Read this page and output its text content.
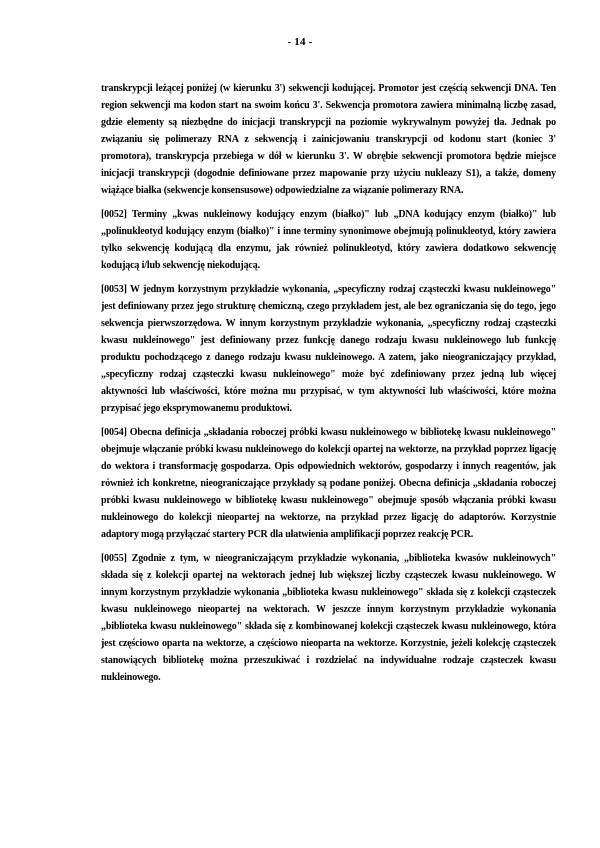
- 14 -

transkrypcji leżącej poniżej (w kierunku 3') sekwencji kodującej. Promotor jest częścią sekwencji DNA. Ten region sekwencji ma kodon start na swoim końcu 3'. Sekwencja promotora zawiera minimalną liczbę zasad, gdzie elementy są niezbędne do inicjacji transkrypcji na poziomie wykrywalnym powyżej tła. Jednak po związaniu się polimerazy RNA z sekwencją i zainicjowaniu transkrypcji od kodonu start (koniec 3' promotora), transkrypcja przebiega w dół w kierunku 3'. W obrębie sekwencji promotora będzie miejsce inicjacji transkrypcji (dogodnie definiowane przez mapowanie przy użyciu nukleazy S1), a także, domeny wiążące białka (sekwencje konsensusowe) odpowiedzialne za wiązanie polimerazy RNA.

[0052] Terminy „kwas nukleinowy kodujący enzym (białko)" lub „DNA kodujący enzym (białko)" lub „polinukleotyd kodujący enzym (białko)" i inne terminy synonimowe obejmują polinukleotyd, który zawiera tylko sekwencję kodującą dla enzymu, jak również polinukleotyd, który zawiera dodatkowo sekwencję kodującą i/lub sekwencję niekodującą.

[0053] W jednym korzystnym przykładzie wykonania, „specyficzny rodzaj cząsteczki kwasu nukleinowego" jest definiowany przez jego strukturę chemiczną, czego przykładem jest, ale bez ograniczania się do tego, jego sekwencja pierwszorzędowa. W innym korzystnym przykładzie wykonania, „specyficzny rodzaj cząsteczki kwasu nukleinowego" jest definiowany przez funkcję danego rodzaju kwasu nukleinowego lub funkcję produktu pochodzącego z danego rodzaju kwasu nukleinowego. A zatem, jako nieograniczający przykład, „specyficzny rodzaj cząsteczki kwasu nukleinowego" może być zdefiniowany przez jedną lub więcej aktywności lub właściwości, które można mu przypisać, w tym aktywności lub właściwości, które można przypisać jego eksprymowanemu produktowi.

[0054] Obecna definicja „składania roboczej próbki kwasu nukleinowego w bibliotekę kwasu nukleinowego" obejmuje włączanie próbki kwasu nukleinowego do kolekcji opartej na wektorze, na przykład poprzez ligację do wektora i transformację gospodarza. Opis odpowiednich wektorów, gospodarzy i innych reagentów, jak również ich konkretne, nieograniczające przykłady są podane poniżej. Obecna definicja „składania roboczej próbki kwasu nukleinowego w bibliotekę kwasu nukleinowego" obejmuje sposób włączania próbki kwasu nukleinowego do kolekcji nieopartej na wektorze, na przykład przez ligację do adaptorów. Korzystnie adaptory mogą przyłączać startery PCR dla ułatwienia amplifikacji poprzez reakcję PCR.

[0055] Zgodnie z tym, w nieograniczającym przykładzie wykonania, „biblioteka kwasów nukleinowych" składa się z kolekcji opartej na wektorach jednej lub większej liczby cząsteczek kwasu nukleinowego. W innym korzystnym przykładzie wykonania „biblioteka kwasu nukleinowego" składa się z kolekcji cząsteczek kwasu nukleinowego nieopartej na wektorach. W jeszcze innym korzystnym przykładzie wykonania „biblioteka kwasu nukleinowego" składa się z kombinowanej kolekcji cząsteczek kwasu nukleinowego, która jest częściowo oparta na wektorze, a częściowo nieoparta na wektorze. Korzystnie, jeżeli kolekcję cząsteczek stanowiących bibliotekę można przeszukiwać i rozdzielać na indywidualne rodzaje cząsteczek kwasu nukleinowego.
